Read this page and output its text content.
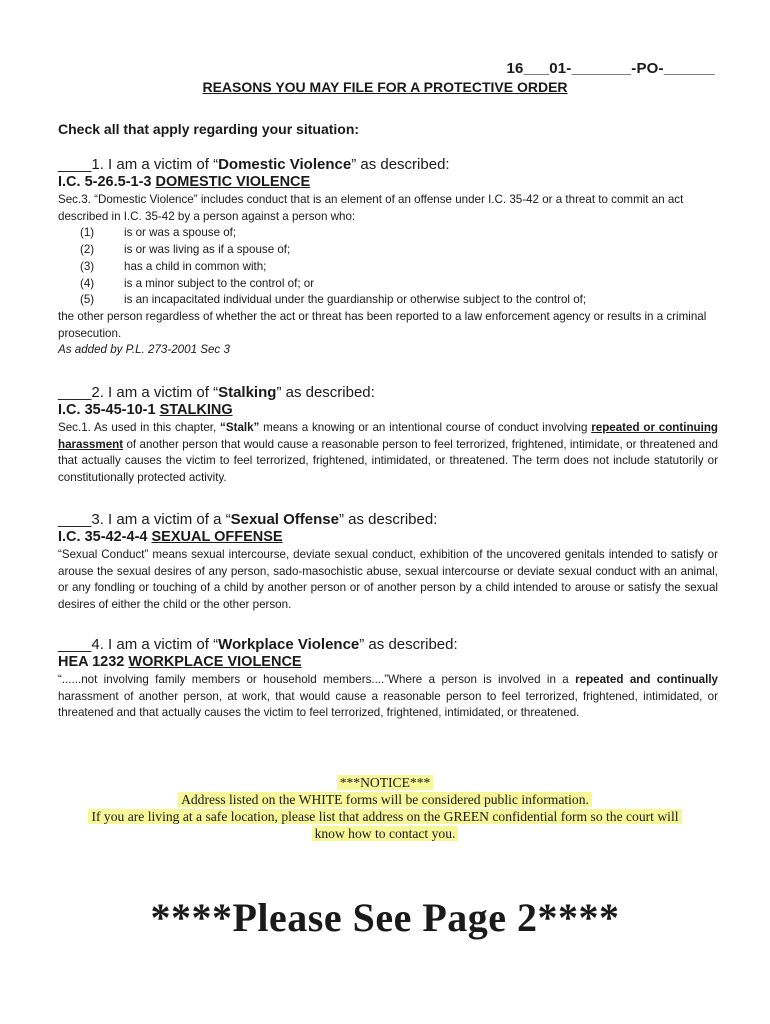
16___01-_______-PO-______
REASONS YOU MAY FILE FOR A PROTECTIVE ORDER
Check all that apply regarding your situation:

____1. I am a victim of “Domestic Violence” as described:

I.C. 5-26.5-1-3 DOMESTIC VIOLENCE
Sec.3. “Domestic Violence” includes conduct that is an element of an offense under I.C. 35-42 or a threat to commit an act described in I.C. 35-42 by a person against a person who:
(1)	is or was a spouse of;
(2)	is or was living as if a spouse of;
(3)	has a child in common with;
(4)	is a minor subject to the control of; or
(5)	is an incapacitated individual under the guardianship or otherwise subject to the control of;
the other person regardless of whether the act or threat has been reported to a law enforcement agency or results in a criminal prosecution.
As added by P.L. 273-2001 Sec 3

____2. I am a victim of “Stalking” as described:

I.C. 35-45-10-1 STALKING
Sec.1. As used in this chapter, “Stalk” means a knowing or an intentional course of conduct involving repeated or continuing harassment of another person that would cause a reasonable person to feel terrorized, frightened, intimidate, or threatened and that actually causes the victim to feel terrorized, frightened, intimidated, or threatened. The term does not include statutorily or constitutionally protected activity.

____3. I am a victim of a “Sexual Offense” as described:

I.C. 35-42-4-4 SEXUAL OFFENSE
“Sexual Conduct” means sexual intercourse, deviate sexual conduct, exhibition of the uncovered genitals intended to satisfy or arouse the sexual desires of any person, sado-masochistic abuse, sexual intercourse or deviate sexual conduct with an animal, or any fondling or touching of a child by another person or of another person by a child intended to arouse or satisfy the sexual desires of either the child or the other person.

____4. I am a victim of “Workplace Violence” as described:

HEA 1232 WORKPLACE VIOLENCE
“......not involving family members or household members....”Where a person is involved in a repeated and continually harassment of another person, at work, that would cause a reasonable person to feel terrorized, frightened, intimidated, or threatened and that actually causes the victim to feel terrorized, frightened, intimidated, or threatened.
***NOTICE***
Address listed on the WHITE forms will be considered public information.
If you are living at a safe location, please list that address on the GREEN confidential form so the court will
know how to contact you.
****Please See Page 2****
